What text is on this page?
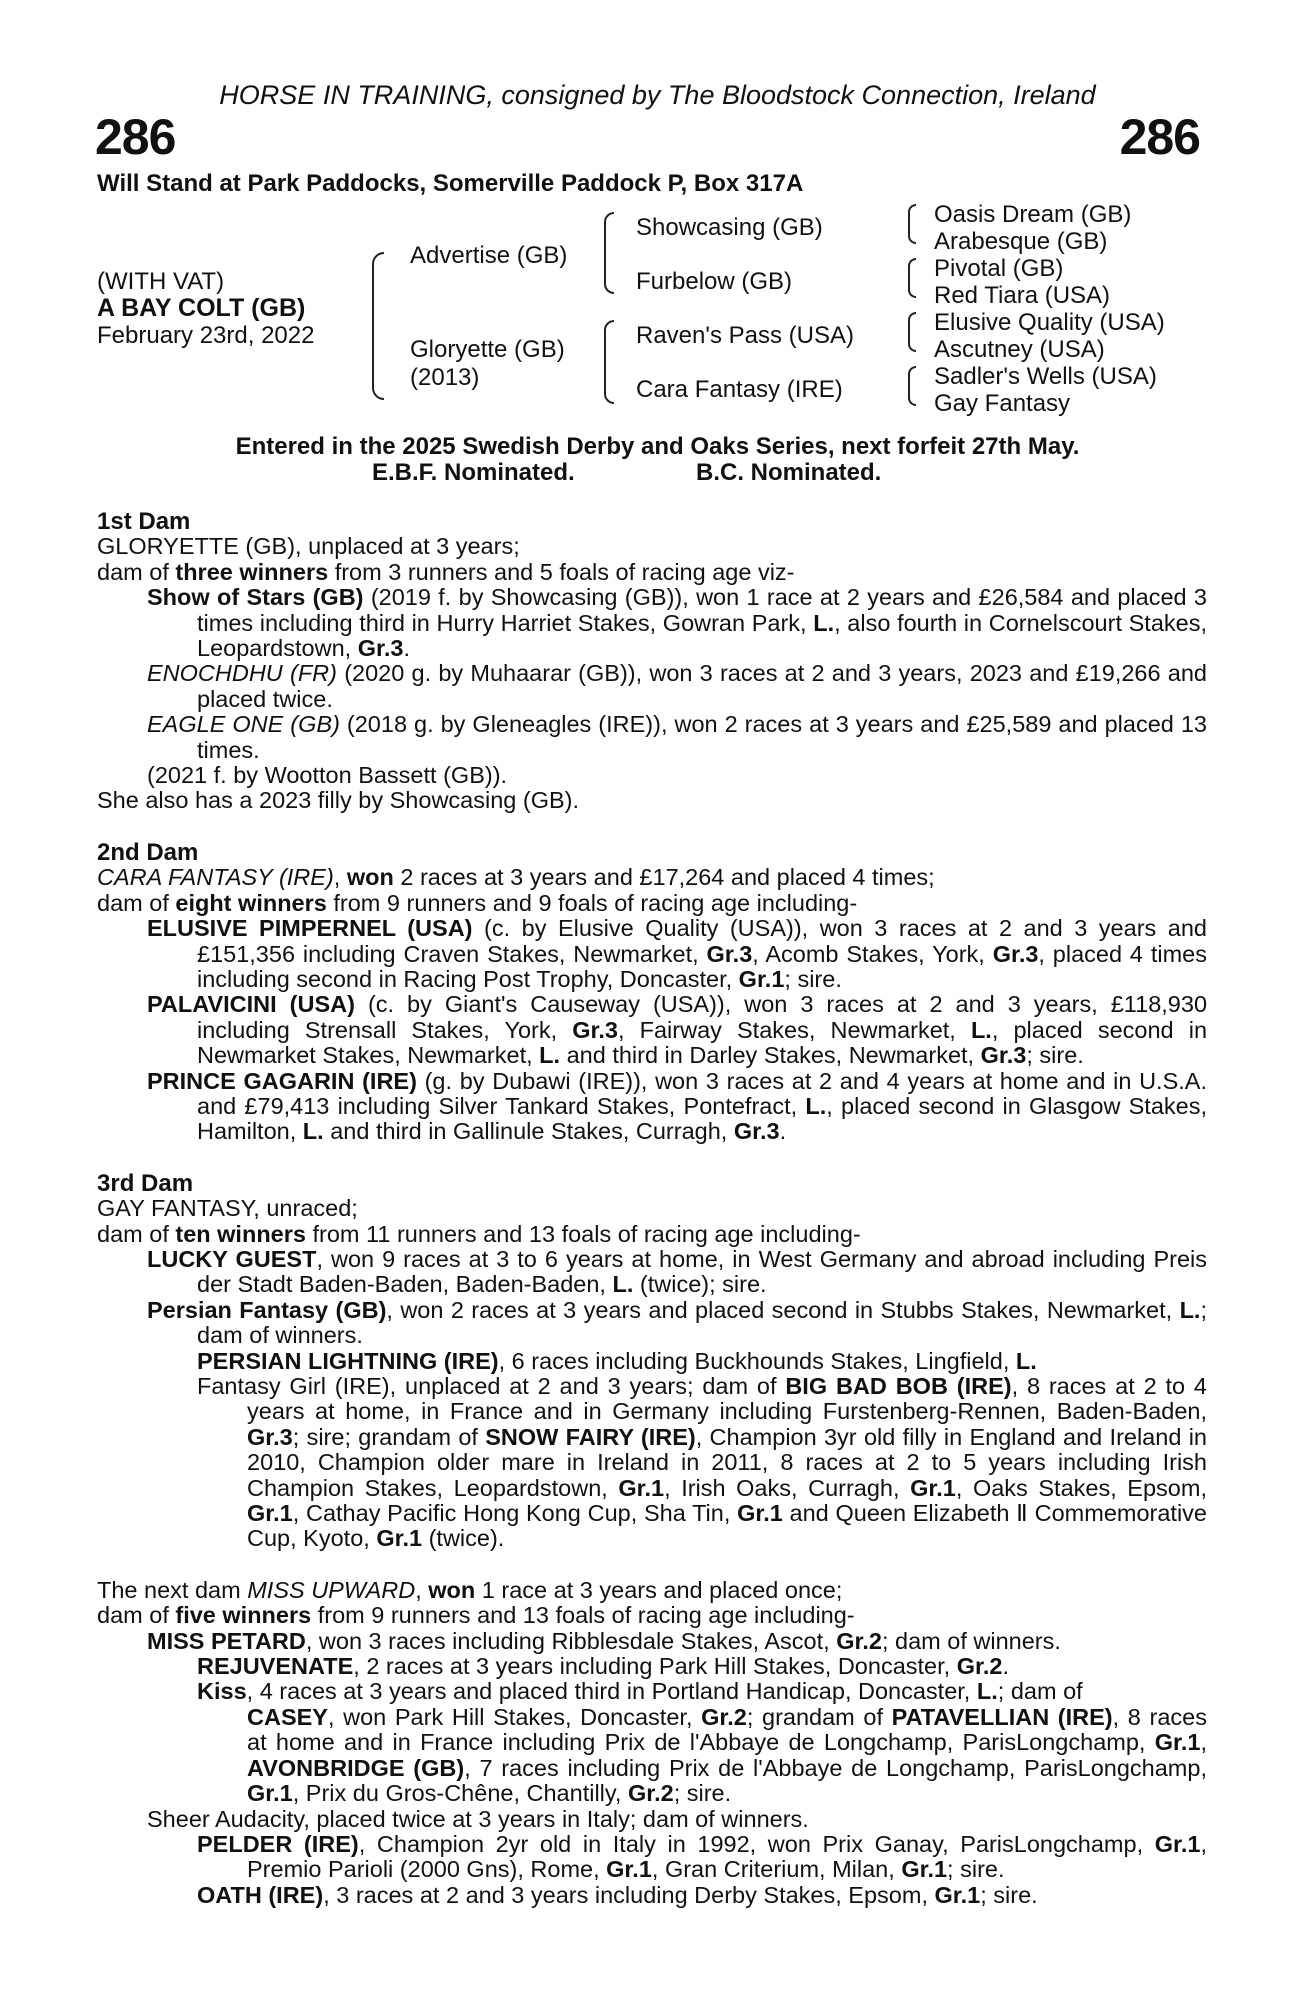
HORSE IN TRAINING, consigned by The Bloodstock Connection, Ireland
286	286
Will Stand at Park Paddocks, Somerville Paddock P, Box 317A
(WITH VAT)
A BAY COLT (GB)
February 23rd, 2022
Advertise (GB)
Gloryette (GB)
(2013)
Showcasing (GB)
Furbelow (GB)
Raven's Pass (USA)
Cara Fantasy (IRE)
Oasis Dream (GB)
Arabesque (GB)
Pivotal (GB)
Red Tiara (USA)
Elusive Quality (USA)
Ascutney (USA)
Sadler's Wells (USA)
Gay Fantasy
Entered in the 2025 Swedish Derby and Oaks Series, next forfeit 27th May.
E.B.F. Nominated.	B.C. Nominated.

1st Dam

GLORYETTE (GB), unplaced at 3 years;

dam of three winners from 3 runners and 5 foals of racing age viz-

Show of Stars (GB) (2019 f. by Showcasing (GB)), won 1 race at 2 years and £26,584 and placed 3 times including third in Hurry Harriet Stakes, Gowran Park, L., also fourth in Cornelscourt Stakes, Leopardstown, Gr.3.

ENOCHDHU (FR) (2020 g. by Muhaarar (GB)), won 3 races at 2 and 3 years, 2023 and £19,266 and placed twice.

EAGLE ONE (GB) (2018 g. by Gleneagles (IRE)), won 2 races at 3 years and £25,589 and placed 13 times.

(2021 f. by Wootton Bassett (GB)).

She also has a 2023 filly by Showcasing (GB).

2nd Dam

CARA FANTASY (IRE), won 2 races at 3 years and £17,264 and placed 4 times;

dam of eight winners from 9 runners and 9 foals of racing age including-

ELUSIVE PIMPERNEL (USA) (c. by Elusive Quality (USA)), won 3 races at 2 and 3 years and £151,356 including Craven Stakes, Newmarket, Gr.3, Acomb Stakes, York, Gr.3, placed 4 times including second in Racing Post Trophy, Doncaster, Gr.1; sire.

PALAVICINI (USA) (c. by Giant's Causeway (USA)), won 3 races at 2 and 3 years, £118,930 including Strensall Stakes, York, Gr.3, Fairway Stakes, Newmarket, L., placed second in Newmarket Stakes, Newmarket, L. and third in Darley Stakes, Newmarket, Gr.3; sire.

PRINCE GAGARIN (IRE) (g. by Dubawi (IRE)), won 3 races at 2 and 4 years at home and in U.S.A. and £79,413 including Silver Tankard Stakes, Pontefract, L., placed second in Glasgow Stakes, Hamilton, L. and third in Gallinule Stakes, Curragh, Gr.3.

3rd Dam

GAY FANTASY, unraced;

dam of ten winners from 11 runners and 13 foals of racing age including-

LUCKY GUEST, won 9 races at 3 to 6 years at home, in West Germany and abroad including Preis der Stadt Baden-Baden, Baden-Baden, L. (twice); sire.

Persian Fantasy (GB), won 2 races at 3 years and placed second in Stubbs Stakes, Newmarket, L.; dam of winners.

PERSIAN LIGHTNING (IRE), 6 races including Buckhounds Stakes, Lingfield, L.

Fantasy Girl (IRE), unplaced at 2 and 3 years; dam of BIG BAD BOB (IRE), 8 races at 2 to 4 years at home, in France and in Germany including Furstenberg-Rennen, Baden-Baden, Gr.3; sire; grandam of SNOW FAIRY (IRE), Champion 3yr old filly in England and Ireland in 2010, Champion older mare in Ireland in 2011, 8 races at 2 to 5 years including Irish Champion Stakes, Leopardstown, Gr.1, Irish Oaks, Curragh, Gr.1, Oaks Stakes, Epsom, Gr.1, Cathay Pacific Hong Kong Cup, Sha Tin, Gr.1 and Queen Elizabeth Ⅱ Commemorative Cup, Kyoto, Gr.1 (twice).

The next dam MISS UPWARD, won 1 race at 3 years and placed once;

dam of five winners from 9 runners and 13 foals of racing age including-

MISS PETARD, won 3 races including Ribblesdale Stakes, Ascot, Gr.2; dam of winners.

REJUVENATE, 2 races at 3 years including Park Hill Stakes, Doncaster, Gr.2.

Kiss, 4 races at 3 years and placed third in Portland Handicap, Doncaster, L.; dam of

CASEY, won Park Hill Stakes, Doncaster, Gr.2; grandam of PATAVELLIAN (IRE), 8 races at home and in France including Prix de l'Abbaye de Longchamp, ParisLongchamp, Gr.1, AVONBRIDGE (GB), 7 races including Prix de l'Abbaye de Longchamp, ParisLongchamp, Gr.1, Prix du Gros-Chêne, Chantilly, Gr.2; sire.

Sheer Audacity, placed twice at 3 years in Italy; dam of winners.

PELDER (IRE), Champion 2yr old in Italy in 1992, won Prix Ganay, ParisLongchamp, Gr.1, Premio Parioli (2000 Gns), Rome, Gr.1, Gran Criterium, Milan, Gr.1; sire.

OATH (IRE), 3 races at 2 and 3 years including Derby Stakes, Epsom, Gr.1; sire.
